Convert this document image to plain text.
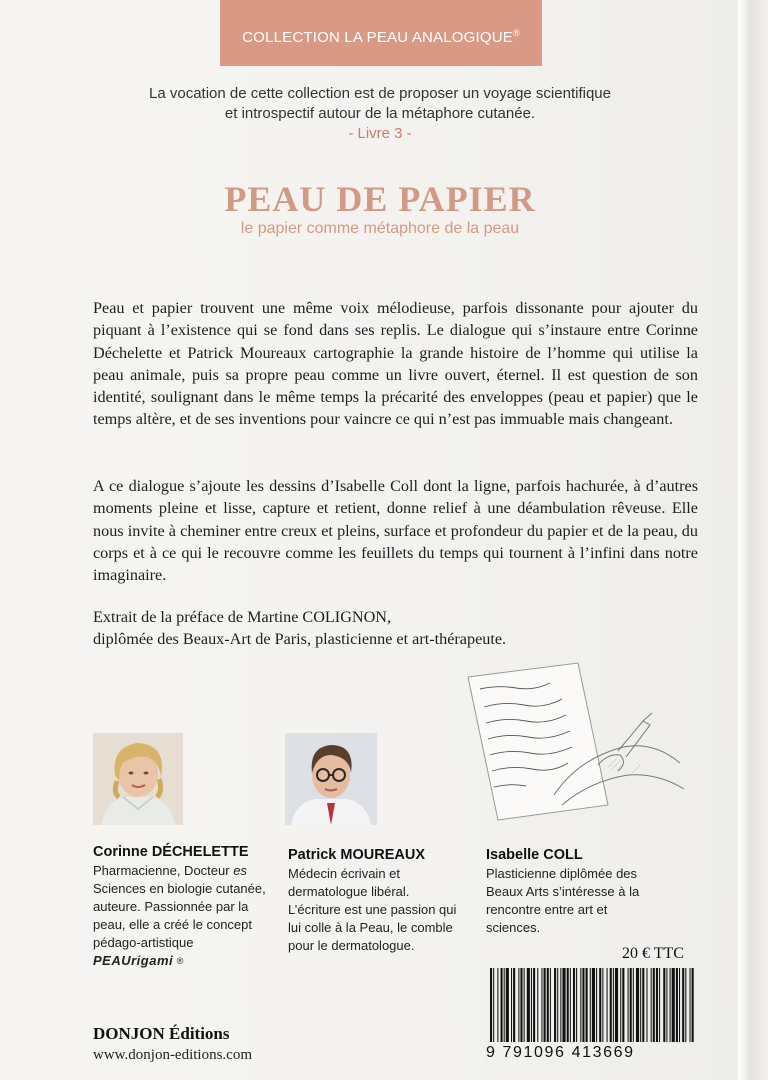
COLLECTION LA PEAU ANALOGIQUE®
La vocation de cette collection est de proposer un voyage scientifique
et introspectif autour de la métaphore cutanée.
- Livre 3 -
PEAU DE PAPIER
le papier comme métaphore de la peau

Peau et papier trouvent une même voix mélodieuse, parfois dissonante pour ajouter du piquant à l’existence qui se fond dans ses replis. Le dialogue qui s’instaure entre Corinne Déchelette et Patrick Moureaux cartographie la grande histoire de l’homme qui utilise la peau animale, puis sa propre peau comme un livre ouvert, éternel. Il est question de son identité, soulignant dans le même temps la précarité des enveloppes (peau et papier) que le temps altère, et de ses inventions pour vaincre ce qui n’est pas immuable mais changeant.

A ce dialogue s’ajoute les dessins d’Isabelle Coll dont la ligne, parfois hachurée, à d’autres moments pleine et lisse, capture et retient, donne relief à une déambulation rêveuse. Elle nous invite à cheminer entre creux et pleins, surface et profondeur du papier et de la peau, du corps et à ce qui le recouvre comme les feuillets du temps qui tournent à l’infini dans notre imaginaire.

Extrait de la préface de Martine COLIGNON,
diplômée des Beaux-Art de Paris, plasticienne et art-thérapeute.

Corinne DÉCHELETTE
Pharmacienne, Docteur es Sciences en biologie cutanée, auteure. Passionnée par la peau, elle a créé le concept pédago-artistique
PEAUrigami ®
Patrick MOUREAUX
Médecin écrivain et dermatologue libéral. L’écriture est une passion qui lui colle à la Peau, le comble pour le dermatologue.
Isabelle COLL
Plasticienne diplômée des Beaux Arts s’intéresse à la rencontre entre art et sciences.
20 € TTC
9 791096 413669
DONJON Éditions
www.donjon-editions.com
